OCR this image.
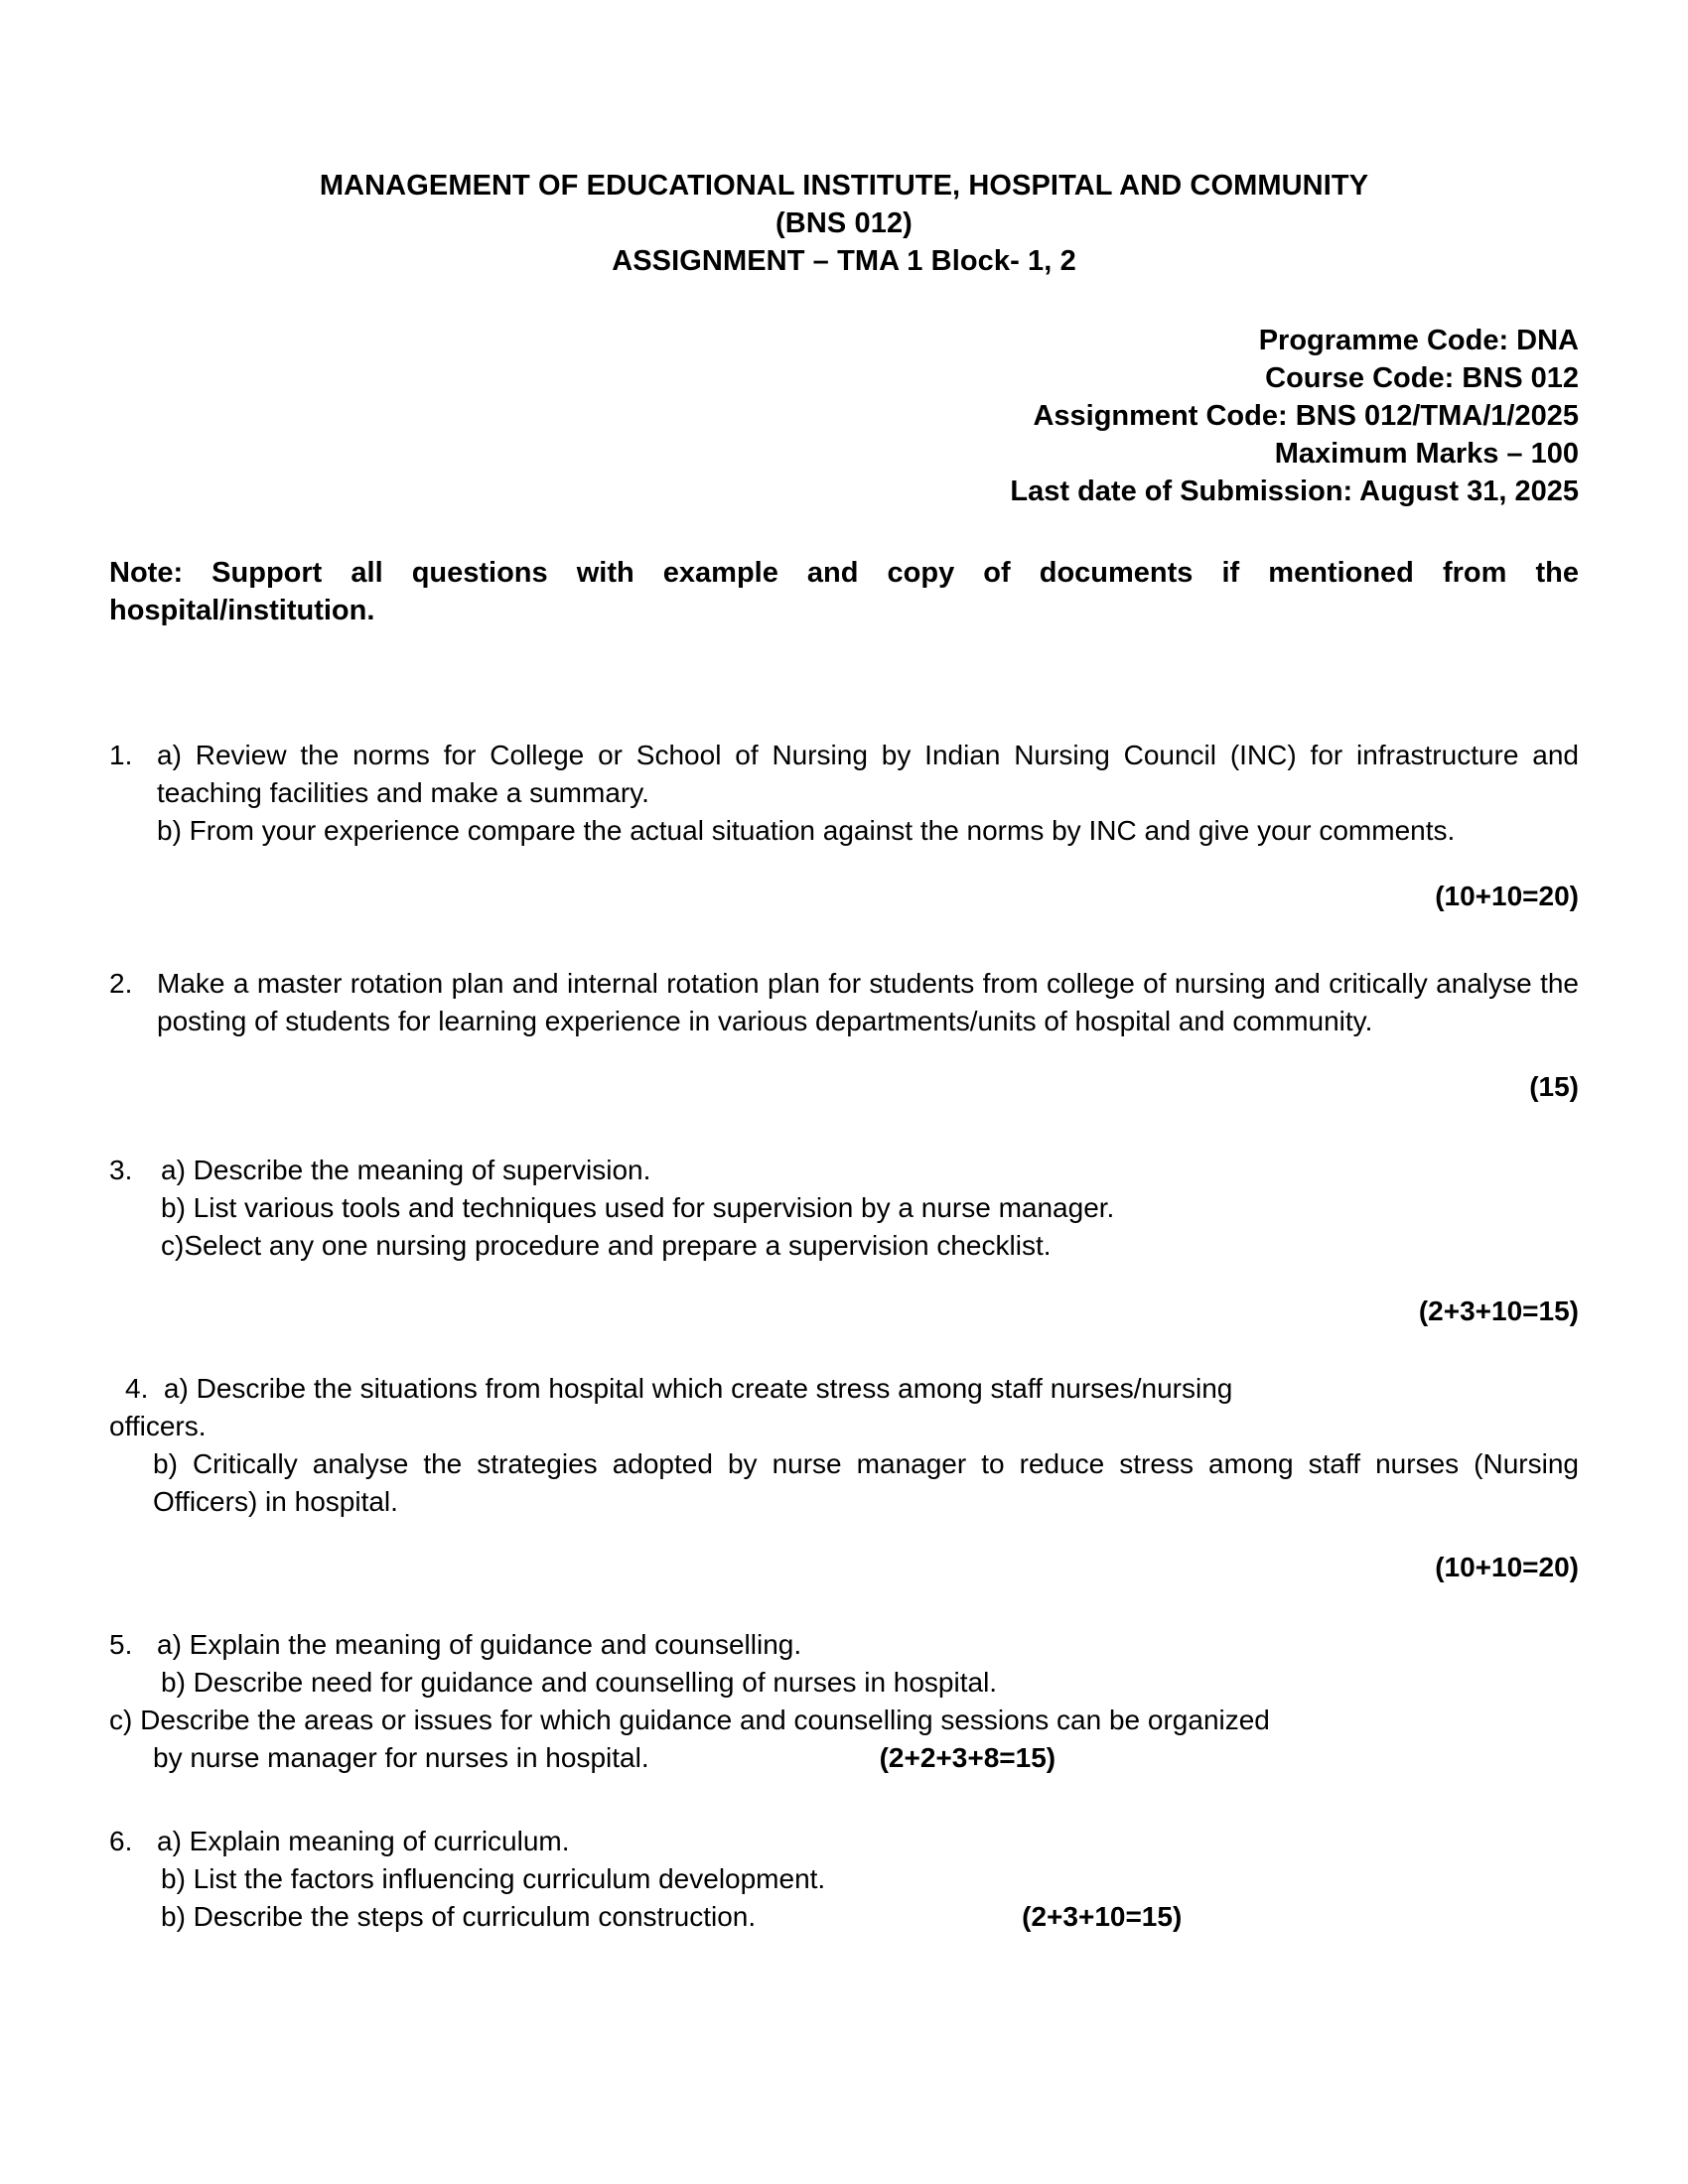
MANAGEMENT OF EDUCATIONAL INSTITUTE, HOSPITAL AND COMMUNITY
(BNS 012)
ASSIGNMENT – TMA 1 Block- 1, 2
Programme Code: DNA
Course Code: BNS 012
Assignment Code: BNS 012/TMA/1/2025
Maximum Marks – 100
Last date of Submission: August 31, 2025
Note: Support all questions with example and copy of documents if mentioned from the hospital/institution.
1. a) Review the norms for College or School of Nursing by Indian Nursing Council (INC) for infrastructure and teaching facilities and make a summary.
b) From your experience compare the actual situation against the norms by INC and give your comments.
(10+10=20)
2. Make a master rotation plan and internal rotation plan for students from college of nursing and critically analyse the posting of students for learning experience in various departments/units of hospital and community.
(15)
3.	a) Describe the meaning of supervision.
b) List various tools and techniques used for supervision by a nurse manager.
c)Select any one nursing procedure and prepare a supervision checklist.
(2+3+10=15)
4. a) Describe the situations from hospital which create stress among staff nurses/nursing
officers.
b) Critically analyse the strategies adopted by nurse manager to reduce stress among staff nurses (Nursing Officers) in hospital.
(10+10=20)
5. a) Explain the meaning of guidance and counselling.
b) Describe need for guidance and counselling of nurses in hospital.
c) Describe the areas or issues for which guidance and counselling sessions can be organized
by nurse manager for nurses in hospital.	(2+2+3+8=15)
6. a) Explain meaning of curriculum.
b) List the factors influencing curriculum development.
b) Describe the steps of curriculum construction.	(2+3+10=15)
